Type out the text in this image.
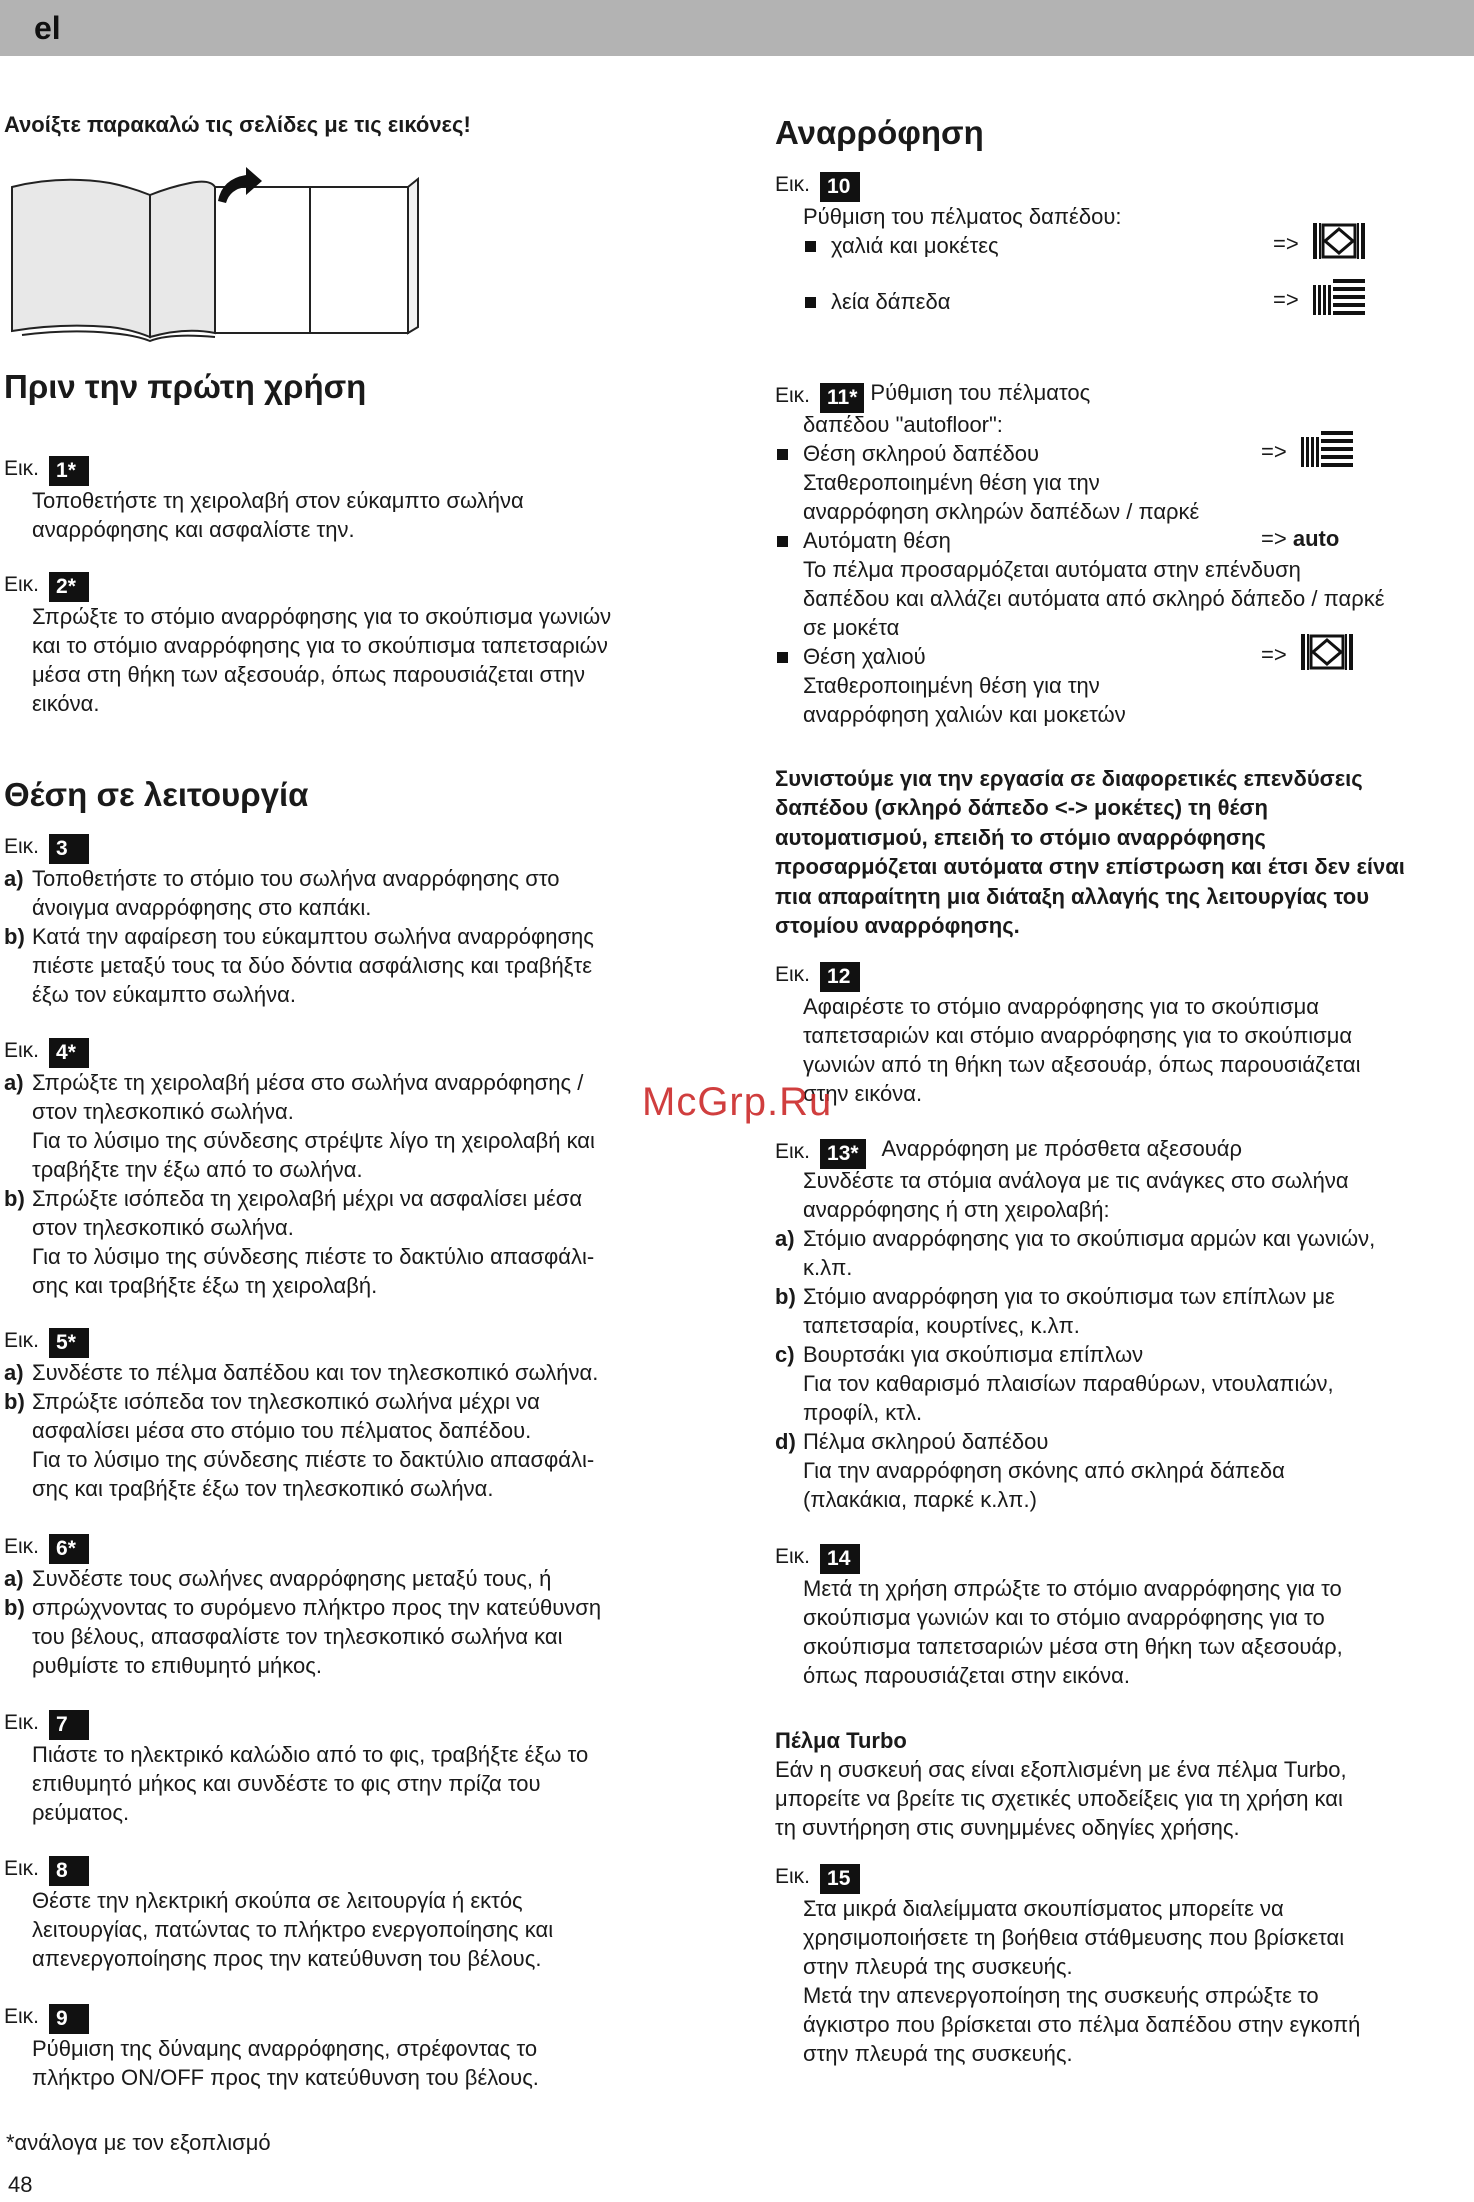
el
Ανοίξτε παρακαλώ τις σελίδες με τις εικόνες!
Πριν την πρώτη χρήση
Εικ. 1*

Τοποθετήστε τη χειρολαβή στον εύκαμπτο σωλήνα

αναρρόφησης και ασφαλίστε την.

Εικ. 2*

Σπρώξτε το στόμιο αναρρόφησης για το σκούπισμα γωνιών

και το στόμιο αναρρόφησης για το σκούπισμα ταπετσαριών

μέσα στη θήκη των αξεσουάρ, όπως παρουσιάζεται στην

εικόνα.

Θέση σε λειτουργία
Εικ. 3
a) Τοποθετήστε το στόμιο του σωλήνα αναρρόφησης στο
άνοιγμα αναρρόφησης στο καπάκι.
b) Κατά την αφαίρεση του εύκαμπτου σωλήνα αναρρόφησης
πιέστε μεταξύ τους τα δύο δόντια ασφάλισης και τραβήξτε
έξω τον εύκαμπτο σωλήνα.
Εικ. 4*
a) Σπρώξτε τη χειρολαβή μέσα στο σωλήνα αναρρόφησης /
στον τηλεσκοπικό σωλήνα.
Για το λύσιμο της σύνδεσης στρέψτε λίγο τη χειρολαβή και
τραβήξτε την έξω από το σωλήνα.
b) Σπρώξτε ισόπεδα τη χειρολαβή μέχρι να ασφαλίσει μέσα
στον τηλεσκοπικό σωλήνα.
Για το λύσιμο της σύνδεσης πιέστε το δακτύλιο απασφάλι-
σης και τραβήξτε έξω τη χειρολαβή.
Εικ. 5*
a) Συνδέστε το πέλμα δαπέδου και τον τηλεσκοπικό σωλήνα.
b) Σπρώξτε ισόπεδα τον τηλεσκοπικό σωλήνα μέχρι να
ασφαλίσει μέσα στο στόμιο του πέλματος δαπέδου.
Για το λύσιμο της σύνδεσης πιέστε το δακτύλιο απασφάλι-
σης και τραβήξτε έξω τον τηλεσκοπικό σωλήνα.
Εικ. 6*
a) Συνδέστε τους σωλήνες αναρρόφησης μεταξύ τους, ή
b) σπρώχνοντας το συρόμενο πλήκτρο προς την κατεύθυνση
του βέλους, απασφαλίστε τον τηλεσκοπικό σωλήνα και
ρυθμίστε το επιθυμητό μήκος.
Εικ. 7

Πιάστε το ηλεκτρικό καλώδιο από το φις, τραβήξτε έξω το

επιθυμητό μήκος και συνδέστε το φις στην πρίζα του

ρεύματος.

Εικ. 8

Θέστε την ηλεκτρική σκούπα σε λειτουργία ή εκτός

λειτουργίας, πατώντας το πλήκτρο ενεργοποίησης και

απενεργοποίησης προς την κατεύθυνση του βέλους.

Εικ. 9

Ρύθμιση της δύναμης αναρρόφησης, στρέφοντας το

πλήκτρο ON/OFF προς την κατεύθυνση του βέλους.

*ανάλογα με τον εξοπλισμό
48
Αναρρόφηση
Εικ. 10

Ρύθμιση του πέλματος δαπέδου:

χαλιά και μοκέτες	=>
λεία δάπεδα	=>
Εικ. 11* Ρύθμιση του πέλματος

δαπέδου "autofloor":

Θέση σκληρού δαπέδου	=>

Σταθεροποιημένη θέση για την

αναρρόφηση σκληρών δαπέδων / παρκέ

Αυτόματη θέση	=> auto

Το πέλμα προσαρμόζεται αυτόματα στην επένδυση

δαπέδου και αλλάζει αυτόματα από σκληρό δάπεδο / παρκέ

σε μοκέτα

Θέση χαλιού	=>

Σταθεροποιημένη θέση για την

αναρρόφηση χαλιών και μοκετών

Συνιστούμε για την εργασία σε διαφορετικές επενδύσεις
δαπέδου (σκληρό δάπεδο <-> μοκέτες) τη θέση
αυτοματισμού, επειδή το στόμιο αναρρόφησης
προσαρμόζεται αυτόματα στην επίστρωση και έτσι δεν είναι
πια απαραίτητη μια διάταξη αλλαγής της λειτουργίας του
στομίου αναρρόφησης.
Εικ. 12

Αφαιρέστε το στόμιο αναρρόφησης για το σκούπισμα

ταπετσαριών και στόμιο αναρρόφησης για το σκούπισμα

γωνιών από τη θήκη των αξεσουάρ, όπως παρουσιάζεται

στην εικόνα.

Εικ. 13* Αναρρόφηση με πρόσθετα αξεσουάρ

Συνδέστε τα στόμια ανάλογα με τις ανάγκες στο σωλήνα

αναρρόφησης ή στη χειρολαβή:

a) Στόμιο αναρρόφησης για το σκούπισμα αρμών και γωνιών,
κ.λπ.
b) Στόμιο αναρρόφηση για το σκούπισμα των επίπλων με
ταπετσαρία, κουρτίνες, κ.λπ.
c) Βουρτσάκι για σκούπισμα επίπλων
Για τον καθαρισμό πλαισίων παραθύρων, ντουλαπιών,
προφίλ, κτλ.
d) Πέλμα σκληρού δαπέδου
Για την αναρρόφηση σκόνης από σκληρά δάπεδα
(πλακάκια, παρκέ κ.λπ.)
Εικ. 14

Μετά τη χρήση σπρώξτε το στόμιο αναρρόφησης για το

σκούπισμα γωνιών και το στόμιο αναρρόφησης για το

σκούπισμα ταπετσαριών μέσα στη θήκη των αξεσουάρ,

όπως παρουσιάζεται στην εικόνα.

Πέλμα Turbo

Εάν η συσκευή σας είναι εξοπλισμένη με ένα πέλμα Turbo,

μπορείτε να βρείτε τις σχετικές υποδείξεις για τη χρήση και

τη συντήρηση στις συνημμένες οδηγίες χρήσης.

Εικ. 15

Στα μικρά διαλείμματα σκουπίσματος μπορείτε να

χρησιμοποιήσετε τη βοήθεια στάθμευσης που βρίσκεται

στην πλευρά της συσκευής.

Μετά την απενεργοποίηση της συσκευής σπρώξτε το

άγκιστρο που βρίσκεται στο πέλμα δαπέδου στην εγκοπή

στην πλευρά της συσκευής.

McGrp.Ru
